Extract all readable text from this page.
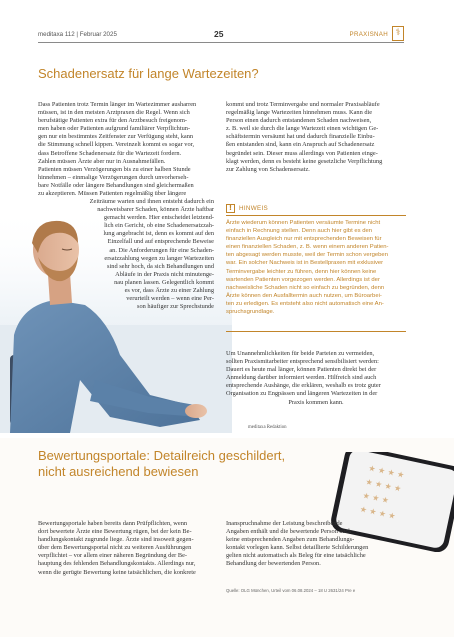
meditaxa 112 | Februar 2025	25	PRAXISNAH ⚕
Schadenersatz für lange Wartezeiten?
Dass Patienten trotz Termin länger im Wartezimmer ausharren
müssen, ist in den meisten Arztpraxen die Regel. Wenn sich
berufstätige Patienten extra für den Arztbesuch freigenom-
men haben oder Patienten aufgrund familiärer Verpflichtun-
gen nur ein bestimmtes Zeitfenster zur Verfügung steht, kann
die Stimmung schnell kippen. Vereinzelt kommt es sogar vor,
dass Betroffene Schadenersatz für die Wartezeit fordern.
Zahlen müssen Ärzte aber nur in Ausnahmefällen.
Patienten müssen Verzögerungen bis zu einer halben Stunde
hinnehmen – einmalige Verzögerungen durch unvorherseh-
bare Notfälle oder längere Behandlungen sind gleichermaßen
zu akzeptieren. Müssen Patienten regelmäßig über längere
Zeiträume warten und ihnen entsteht dadurch ein
nachweisbarer Schaden, können Ärzte haftbar
gemacht werden. Hier entscheidet letztend-
lich ein Gericht, ob eine Schadenersatzzah-
lung angebracht ist, denn es kommt auf den
Einzelfall und auf entsprechende Beweise
an. Die Anforderungen für eine Schaden-
ersatzzahlung wegen zu langer Wartezeiten
sind sehr hoch, da sich Behandlungen und
Abläufe in der Praxis nicht minutenge-
nau planen lassen. Gelegentlich kommt
es vor, dass Ärzte zu einer Zahlung
verurteilt werden – wenn eine Per-
son häufiger zur Sprechstunde
kommt und trotz Terminvergabe und normaler Praxisabläufe
regelmäßig lange Wartezeiten hinnehmen muss. Kann die
Person einen dadurch entstandenen Schaden nachweisen,
z. B. weil sie durch die lange Wartezeit einen wichtigen Ge-
schäftstermin versäumt hat und dadurch finanzielle Einbu-
ßen entstanden sind, kann ein Anspruch auf Schadenersatz
begründet sein. Dieser muss allerdings von Patienten einge-
klagt werden, denn es besteht keine gesetzliche Verpflichtung
zur Zahlung von Schadensersatz.
!	HINWEIS
Ärzte wiederum können Patienten versäumte Termine nicht
einfach in Rechnung stellen. Denn auch hier gibt es den
finanziellen Ausgleich nur mit entsprechenden Beweisen für
einen finanziellen Schaden, z. B. wenn einem anderen Patien-
ten abgesagt werden musste, weil der Termin schon vergeben
war. Ein solcher Nachweis ist in Bestellpraxen mit exklusiver
Terminvergabe leichter zu führen, denn hier können keine
wartenden Patienten vorgezogen werden. Allerdings ist der
nachweisliche Schaden nicht so einfach zu begründen, denn
Ärzte können den Ausfalltermin auch nutzen, um Büroarbei-
ten zu erledigen. Es entsteht also nicht automatisch eine An-
spruchsgrundlage.
Um Unannehmlichkeiten für beide Parteien zu vermeiden,
sollten Praxismitarbeiter entsprechend sensibilisiert werden:
Dauert es heute mal länger, können Patienten direkt bei der
Anmeldung darüber informiert werden. Hilfreich sind auch
entsprechende Aushänge, die erklären, weshalb es trotz guter
Organisation zu Engpässen und längeren Wartezeiten in der
Praxis kommen kann.
meditaxa Redaktion
Bewertungsportale: Detailreich geschildert,
nicht ausreichend bewiesen	★ ★ ★ ★
★ ★ ★ ★
★ ★ ★
★ ★ ★ ★
Bewertungsportale haben bereits dann Prüfpflichten, wenn
dort bewertete Ärzte eine Bewertung rügen, bei der kein Be-
handlungskontakt zugrunde liege. Ärzte sind insoweit gegen-
über dem Bewertungsportal nicht zu weiteren Ausführungen
verpflichtet – vor allem einer näheren Begründung der Be-
hauptung des fehlenden Behandlungskontakts. Allerdings nur,
wenn die gerügte Bewertung keine tatsächlichen, die konkrete
Inanspruchnahme der Leistung beschreibende
Angaben enthält und die bewertende Person auch
keine entsprechenden Angaben zum Behandlungs-
kontakt vorlegen kann. Selbst detaillierte Schilderungen
gelten nicht automatisch als Beleg für eine tatsächliche
Behandlung der bewertenden Person.
Quelle: OLG München, Urteil vom 06.08.2024 – 18 U 2631/24 Pre e
